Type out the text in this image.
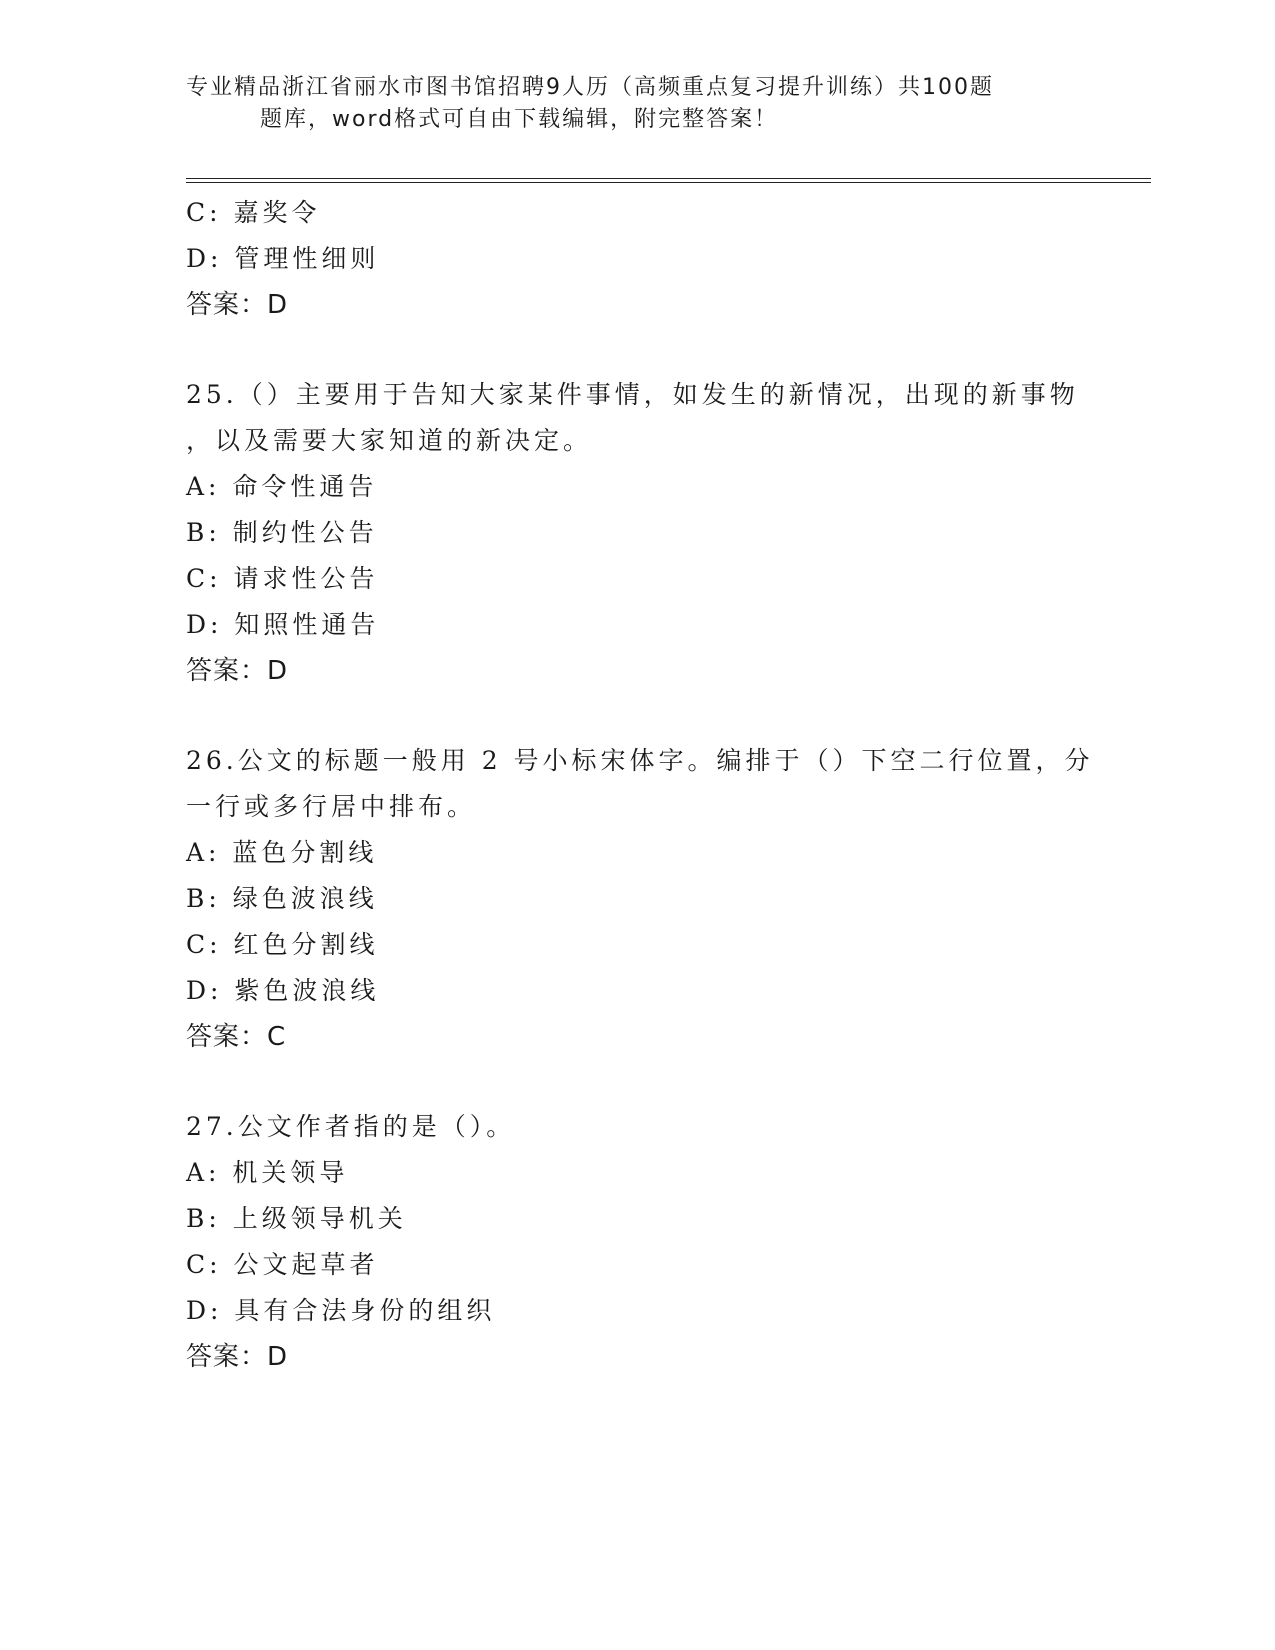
专业精品浙江省丽水市图书馆招聘9人历（高频重点复习提升训练）共100题
题库，word格式可自由下载编辑，附完整答案！
C: 嘉奖令
D: 管理性细则
答案：D
25.（）主要用于告知大家某件事情，如发生的新情况，出现的新事物
，以及需要大家知道的新决定。
A: 命令性通告
B: 制约性公告
C: 请求性公告
D: 知照性通告
答案：D
26.公文的标题一般用 2 号小标宋体字。编排于（）下空二行位置，分
一行或多行居中排布。
A: 蓝色分割线
B: 绿色波浪线
C: 红色分割线
D: 紫色波浪线
答案：C
27.公文作者指的是（）。
A: 机关领导
B: 上级领导机关
C: 公文起草者
D: 具有合法身份的组织
答案：D
